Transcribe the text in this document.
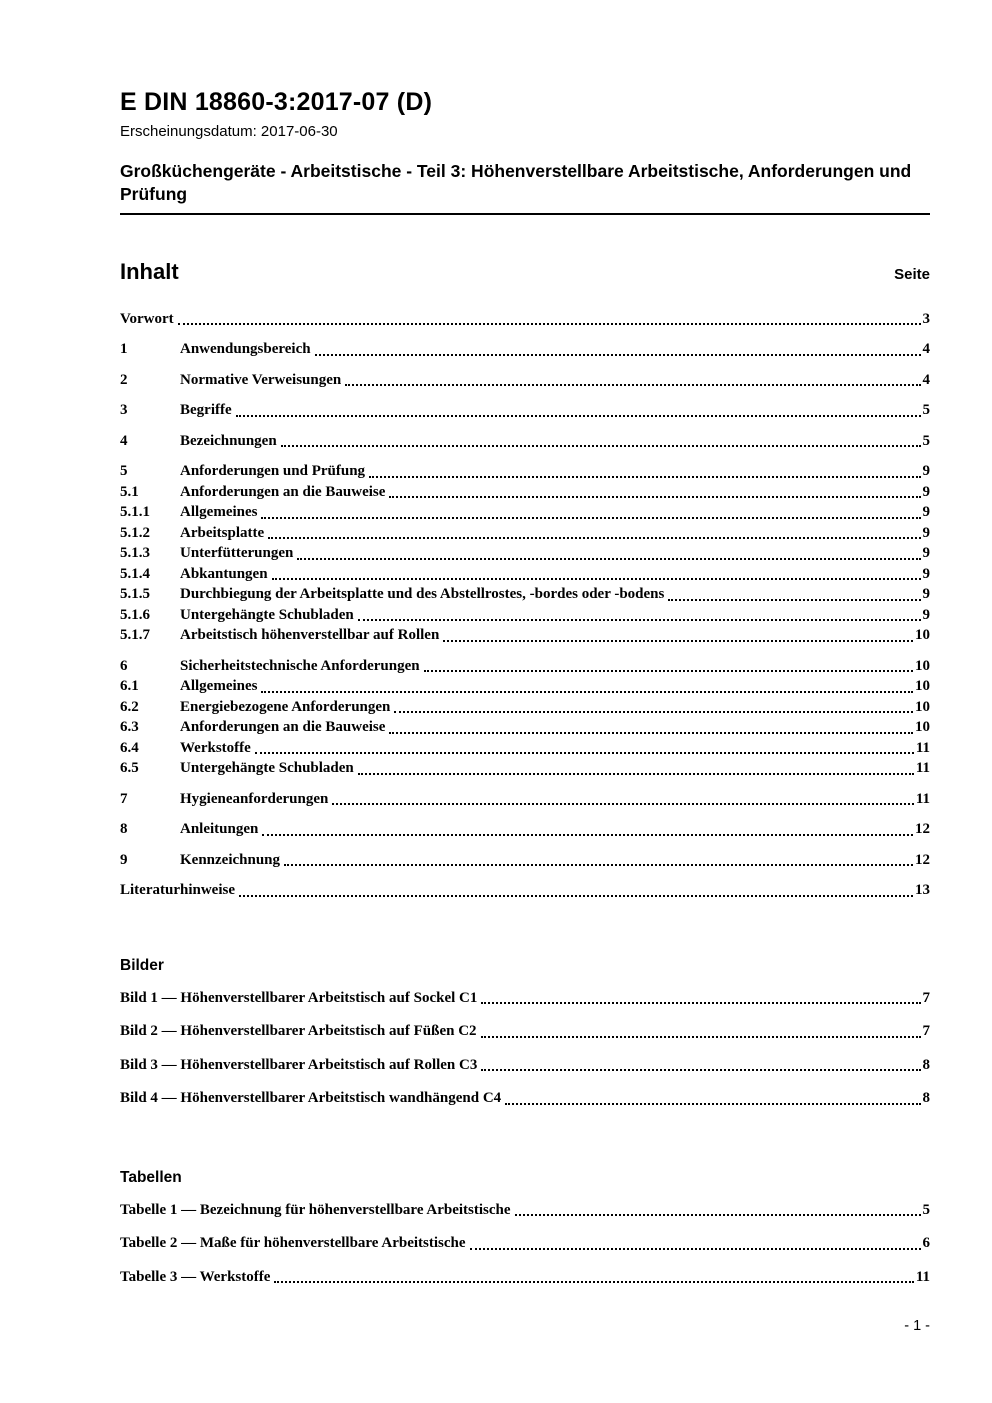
E DIN 18860-3:2017-07 (D)
Erscheinungsdatum: 2017-06-30
Großküchengeräte - Arbeitstische - Teil 3: Höhenverstellbare Arbeitstische, Anforderungen und Prüfung
Inhalt	Seite
Vorwort	3
1	Anwendungsbereich	4
2	Normative Verweisungen	4
3	Begriffe	5
4	Bezeichnungen	5
5	Anforderungen und Prüfung	9
5.1	Anforderungen an die Bauweise	9
5.1.1	Allgemeines	9
5.1.2	Arbeitsplatte	9
5.1.3	Unterfütterungen	9
5.1.4	Abkantungen	9
5.1.5	Durchbiegung der Arbeitsplatte und des Abstellrostes, -bordes oder -bodens	9
5.1.6	Untergehängte Schubladen	9
5.1.7	Arbeitstisch höhenverstellbar auf Rollen	10
6	Sicherheitstechnische Anforderungen	10
6.1	Allgemeines	10
6.2	Energiebezogene Anforderungen	10
6.3	Anforderungen an die Bauweise	10
6.4	Werkstoffe	11
6.5	Untergehängte Schubladen	11
7	Hygieneanforderungen	11
8	Anleitungen	12
9	Kennzeichnung	12
Literaturhinweise	13
Bilder
Bild 1 — Höhenverstellbarer Arbeitstisch auf Sockel C1	7
Bild 2 — Höhenverstellbarer Arbeitstisch auf Füßen C2	7
Bild 3 — Höhenverstellbarer Arbeitstisch auf Rollen C3	8
Bild 4 — Höhenverstellbarer Arbeitstisch wandhängend C4	8
Tabellen
Tabelle 1 — Bezeichnung für höhenverstellbare Arbeitstische	5
Tabelle 2 — Maße für höhenverstellbare Arbeitstische	6
Tabelle 3 — Werkstoffe	11
- 1 -
